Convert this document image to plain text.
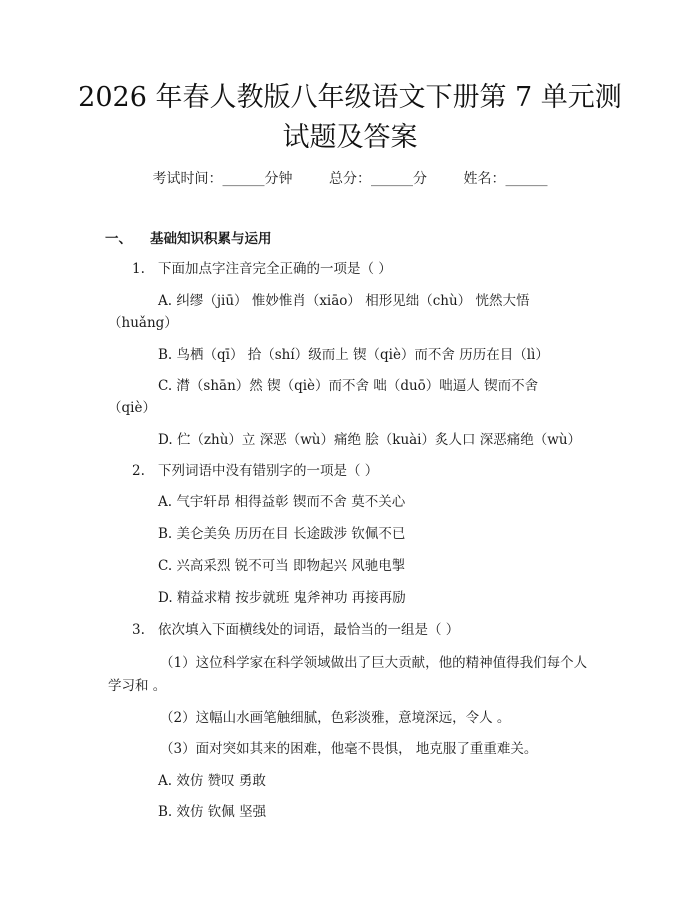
2026 年春人教版八年级语文下册第 7 单元测
试题及答案
考试时间：______分钟	总分：______分	姓名：______
一、 基础知识积累与运用
1. 下面加点字注音完全正确的一项是（ ）
A. 纠缪（jiū） 惟妙惟肖（xiāo） 相形见绌（chù） 恍然大悟
（huǎng）
B. 鸟栖（qī） 拾（shí）级而上 锲（qiè）而不舍 历历在目（lì）
C. 潸（shān）然 锲（qiè）而不舍 咄（duō）咄逼人 锲而不舍
（qiè）
D. 伫（zhù）立 深恶（wù）痛绝 脍（kuài）炙人口 深恶痛绝（wù）
2. 下列词语中没有错别字的一项是（ ）
A. 气宇轩昂 相得益彰 锲而不舍 莫不关心
B. 美仑美奂 历历在目 长途跋涉 钦佩不已
C. 兴高采烈 锐不可当 即物起兴 风驰电掣
D. 精益求精 按步就班 鬼斧神功 再接再励
3. 依次填入下面横线处的词语，最恰当的一组是（ ）
（1）这位科学家在科学领域做出了巨大贡献，他的精神值得我们每个人
学习和 。
（2）这幅山水画笔触细腻，色彩淡雅，意境深远，令人 。
（3）面对突如其来的困难，他毫不畏惧， 地克服了重重难关。
A. 效仿 赞叹 勇敢
B. 效仿 钦佩 坚强
